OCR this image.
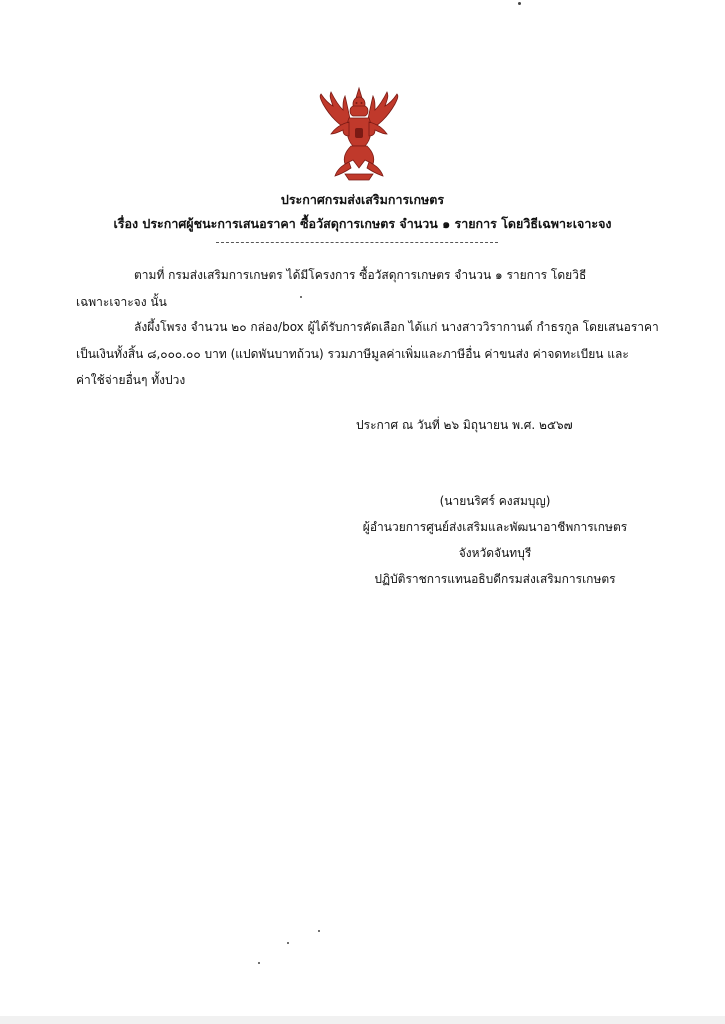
ประกาศกรมส่งเสริมการเกษตร
เรื่อง ประกาศผู้ชนะการเสนอราคา ซื้อวัสดุการเกษตร จำนวน ๑ รายการ โดยวิธีเฉพาะเจาะจง
ตามที่ กรมส่งเสริมการเกษตร ได้มีโครงการ ซื้อวัสดุการเกษตร จำนวน ๑ รายการ โดยวิธี
เฉพาะเจาะจง นั้น
ลังผึ้งโพรง จำนวน ๒๐ กล่อง/box ผู้ได้รับการคัดเลือก ได้แก่ นางสาววิรากานต์ กำธรกูล โดยเสนอราคา
เป็นเงินทั้งสิ้น ๘,๐๐๐.๐๐ บาท (แปดพันบาทถ้วน) รวมภาษีมูลค่าเพิ่มและภาษีอื่น ค่าขนส่ง ค่าจดทะเบียน และ
ค่าใช้จ่ายอื่นๆ ทั้งปวง
ประกาศ ณ วันที่ ๒๖ มิถุนายน พ.ศ. ๒๕๖๗
(นายนริศร์ คงสมบุญ)
ผู้อำนวยการศูนย์ส่งเสริมและพัฒนาอาชีพการเกษตร
จังหวัดจันทบุรี
ปฏิบัติราชการแทนอธิบดีกรมส่งเสริมการเกษตร
